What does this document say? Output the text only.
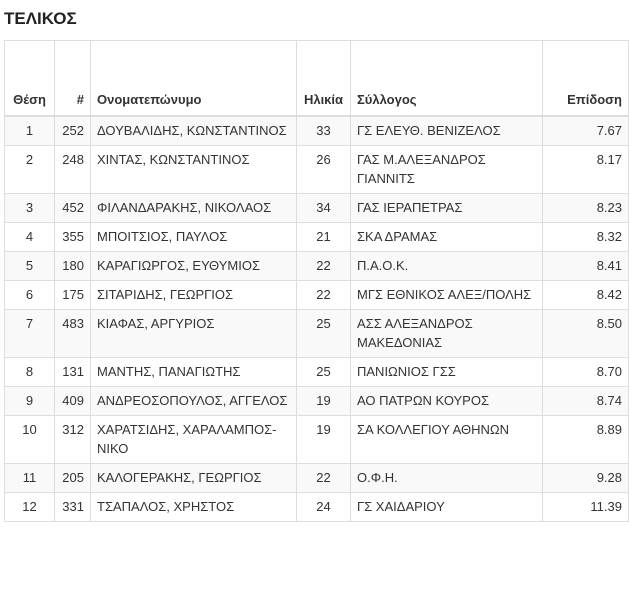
ΤΕΛΙΚΟΣ
Θέση	#	Ονοματεπώνυμο	Ηλικία	Σύλλογος	Επίδοση
1	252	ΔΟΥΒΑΛΙΔΗΣ, ΚΩΝΣΤΑΝΤΙΝΟΣ	33	ΓΣ ΕΛΕΥΘ. ΒΕΝΙΖΕΛΟΣ	7.67
2	248	ΧΙΝΤΑΣ, ΚΩΝΣΤΑΝΤΙΝΟΣ	26	ΓΑΣ Μ.ΑΛΕΞΑΝΔΡΟΣ ΓΙΑΝΝΙΤΣ	8.17
3	452	ΦΙΛΑΝΔΑΡΑΚΗΣ, ΝΙΚΟΛΑΟΣ	34	ΓΑΣ ΙΕΡΑΠΕΤΡΑΣ	8.23
4	355	ΜΠΟΙΤΣΙΟΣ, ΠΑΥΛΟΣ	21	ΣΚΑ ΔΡΑΜΑΣ	8.32
5	180	ΚΑΡΑΓΙΩΡΓΟΣ, ΕΥΘΥΜΙΟΣ	22	Π.Α.Ο.Κ.	8.41
6	175	ΣΙΤΑΡΙΔΗΣ, ΓΕΩΡΓΙΟΣ	22	ΜΓΣ ΕΘΝΙΚΟΣ ΑΛΕΞ/ΠΟΛΗΣ	8.42
7	483	ΚΙΑΦΑΣ, ΑΡΓΥΡΙΟΣ	25	ΑΣΣ ΑΛΕΞΑΝΔΡΟΣ ΜΑΚΕΔΟΝΙΑΣ	8.50
8	131	ΜΑΝΤΗΣ, ΠΑΝΑΓΙΩΤΗΣ	25	ΠΑΝΙΩΝΙΟΣ ΓΣΣ	8.70
9	409	ΑΝΔΡΕΟΣΟΠΟΥΛΟΣ, ΑΓΓΕΛΟΣ	19	ΑΟ ΠΑΤΡΩΝ ΚΟΥΡΟΣ	8.74
10	312	ΧΑΡΑΤΣΙΔΗΣ, ΧΑΡΑΛΑΜΠΟΣ-ΝΙΚΟ	19	ΣΑ ΚΟΛΛΕΓΙΟΥ ΑΘΗΝΩΝ	8.89
11	205	ΚΑΛΟΓΕΡΑΚΗΣ, ΓΕΩΡΓΙΟΣ	22	Ο.Φ.Η.	9.28
12	331	ΤΣΑΠΑΛΟΣ, ΧΡΗΣΤΟΣ	24	ΓΣ ΧΑΙΔΑΡΙΟΥ	11.39
